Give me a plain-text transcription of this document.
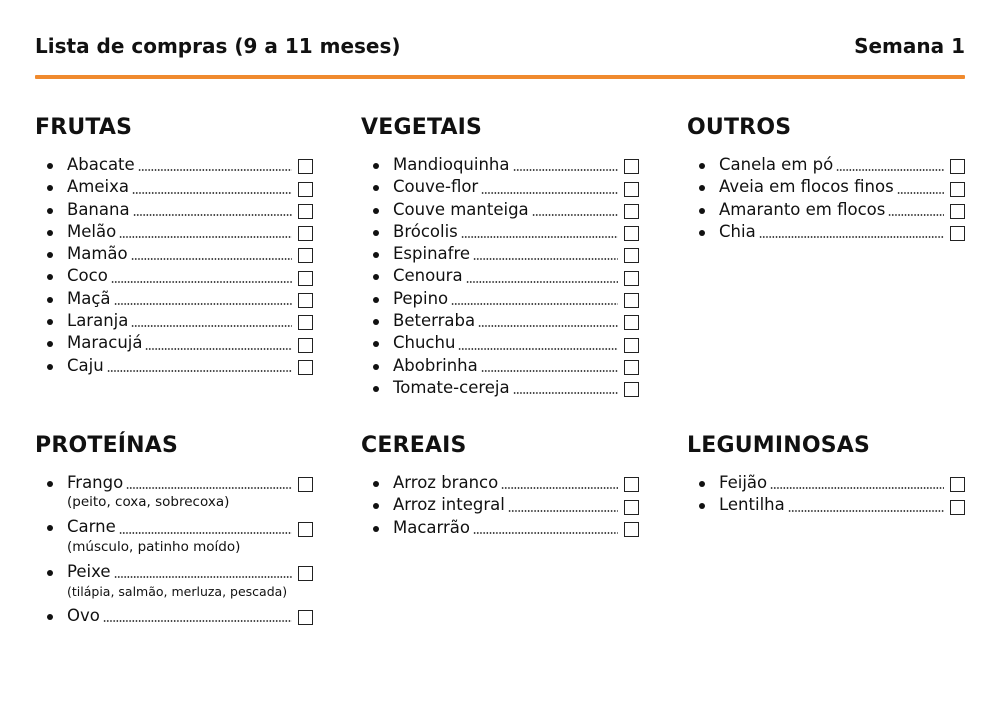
Lista de compras (9 a 11 meses)	Semana 1
FRUTAS
Abacate
Ameixa
Banana
Melão
Mamão
Coco
Maçã
Laranja
Maracujá
Caju
VEGETAIS
Mandioquinha
Couve-flor
Couve manteiga
Brócolis
Espinafre
Cenoura
Pepino
Beterraba
Chuchu
Abobrinha
Tomate-cereja
OUTROS
Canela em pó
Aveia em flocos finos
Amaranto em flocos
Chia
PROTEÍNAS
Frango
(peito, coxa, sobrecoxa)
Carne
(músculo, patinho moído)
Peixe
(tilápia, salmão, merluza, pescada)
Ovo
CEREAIS
Arroz branco
Arroz integral
Macarrão
LEGUMINOSAS
Feijão
Lentilha
